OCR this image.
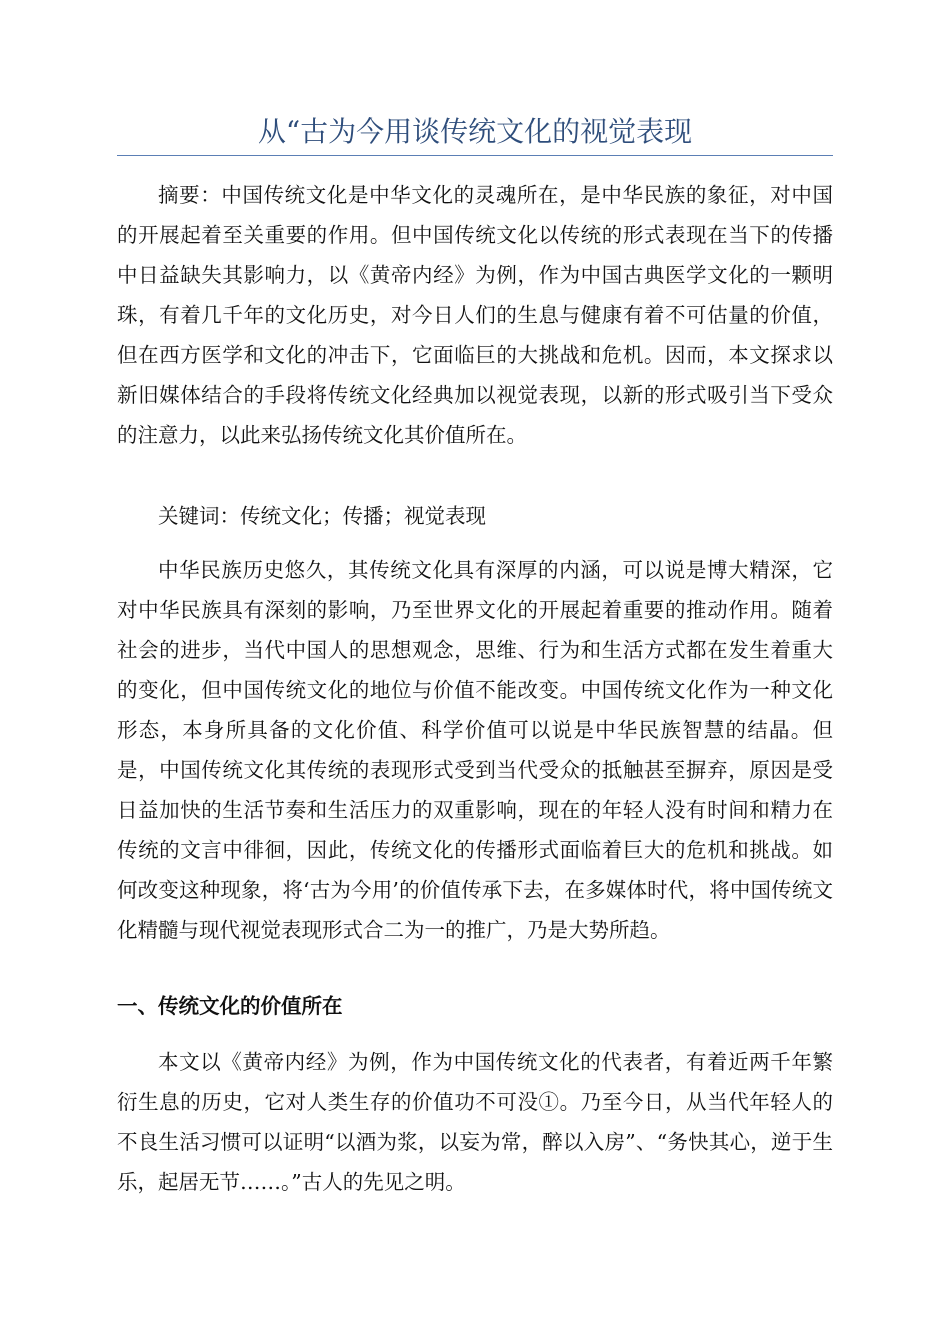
从“古为今用谈传统文化的视觉表现

摘要：中国传统文化是中华文化的灵魂所在，是中华民族的象征，对中国的开展起着至关重要的作用。但中国传统文化以传统的形式表现在当下的传播中日益缺失其影响力，以《黄帝内经》为例，作为中国古典医学文化的一颗明珠，有着几千年的文化历史，对今日人们的生息与健康有着不可估量的价值，但在西方医学和文化的冲击下，它面临巨的大挑战和危机。因而，本文探求以新旧媒体结合的手段将传统文化经典加以视觉表现，以新的形式吸引当下受众的注意力，以此来弘扬传统文化其价值所在。

关键词：传统文化；传播；视觉表现

中华民族历史悠久，其传统文化具有深厚的内涵，可以说是博大精深，它对中华民族具有深刻的影响，乃至世界文化的开展起着重要的推动作用。随着社会的进步，当代中国人的思想观念，思维、行为和生活方式都在发生着重大的变化，但中国传统文化的地位与价值不能改变。中国传统文化作为一种文化形态，本身所具备的文化价值、科学价值可以说是中华民族智慧的结晶。但是，中国传统文化其传统的表现形式受到当代受众的抵触甚至摒弃，原因是受日益加快的生活节奏和生活压力的双重影响，现在的年轻人没有时间和精力在传统的文言中徘徊，因此，传统文化的传播形式面临着巨大的危机和挑战。如何改变这种现象，将‘古为今用’的价值传承下去，在多媒体时代，将中国传统文化精髓与现代视觉表现形式合二为一的推广，乃是大势所趋。

一、传统文化的价值所在

本文以《黄帝内经》为例，作为中国传统文化的代表者，有着近两千年繁衍生息的历史，它对人类生存的价值功不可没①。乃至今日，从当代年轻人的不良生活习惯可以证明“以酒为浆，以妄为常，醉以入房”、“务快其心，逆于生乐，起居无节……。”古人的先见之明。
